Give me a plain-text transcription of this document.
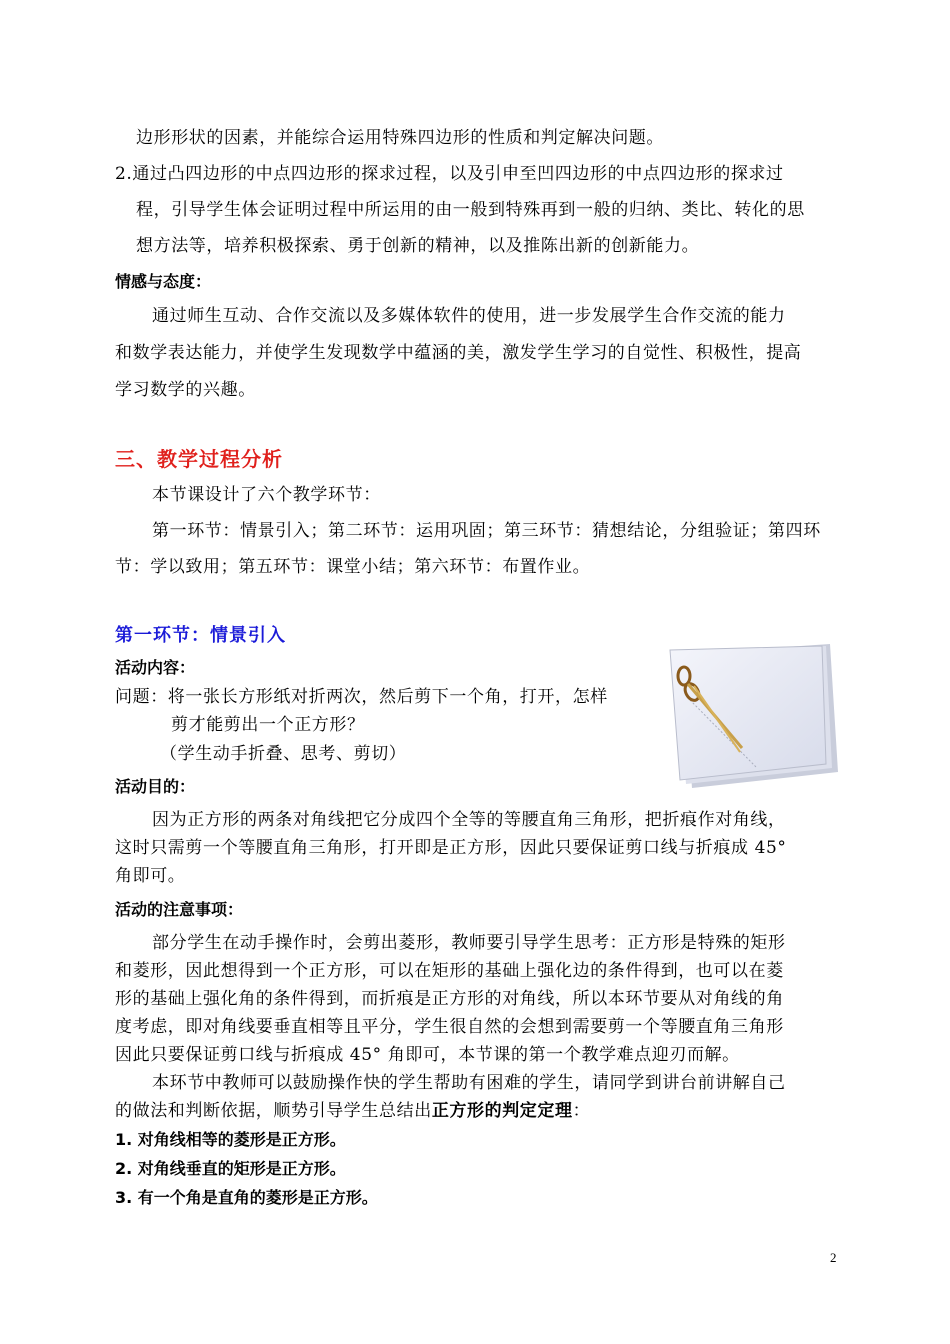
边形形状的因素，并能综合运用特殊四边形的性质和判定解决问题。

2.通过凸四边形的中点四边形的探求过程，以及引申至凹四边形的中点四边形的探求过

程，引导学生体会证明过程中所运用的由一般到特殊再到一般的归纳、类比、转化的思

想方法等，培养积极探索、勇于创新的精神，以及推陈出新的创新能力。

情感与态度：

通过师生互动、合作交流以及多媒体软件的使用，进一步发展学生合作交流的能力

和数学表达能力，并使学生发现数学中蕴涵的美，激发学生学习的自觉性、积极性，提高

学习数学的兴趣。

三、教学过程分析

本节课设计了六个教学环节：

第一环节：情景引入；第二环节：运用巩固；第三环节：猜想结论，分组验证；第四环

节：学以致用；第五环节：课堂小结；第六环节：布置作业。

第一环节：情景引入

活动内容：

问题：将一张长方形纸对折两次，然后剪下一个角，打开，怎样

剪才能剪出一个正方形？

（学生动手折叠、思考、剪切）

活动目的：

因为正方形的两条对角线把它分成四个全等的等腰直角三角形，把折痕作对角线，

这时只需剪一个等腰直角三角形，打开即是正方形，因此只要保证剪口线与折痕成 45°

角即可。

活动的注意事项：

部分学生在动手操作时，会剪出菱形，教师要引导学生思考：正方形是特殊的矩形

和菱形，因此想得到一个正方形，可以在矩形的基础上强化边的条件得到，也可以在菱

形的基础上强化角的条件得到，而折痕是正方形的对角线，所以本环节要从对角线的角

度考虑，即对角线要垂直相等且平分，学生很自然的会想到需要剪一个等腰直角三角形

因此只要保证剪口线与折痕成 45° 角即可，本节课的第一个教学难点迎刃而解。

本环节中教师可以鼓励操作快的学生帮助有困难的学生，请同学到讲台前讲解自己

的做法和判断依据，顺势引导学生总结出正方形的判定定理：

1. 对角线相等的菱形是正方形。

2. 对角线垂直的矩形是正方形。

3. 有一个角是直角的菱形是正方形。

2
